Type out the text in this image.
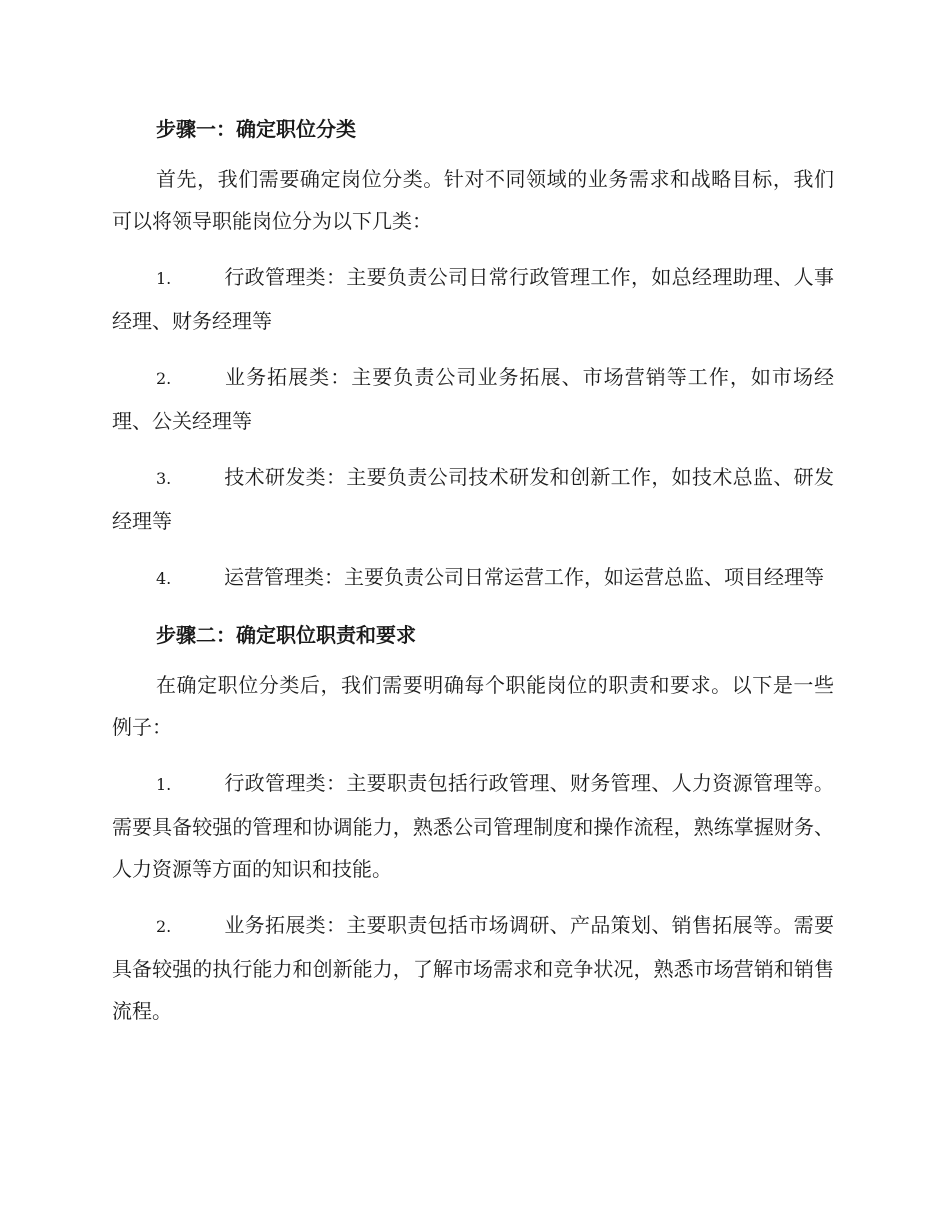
步骤一：确定职位分类

首先，我们需要确定岗位分类。针对不同领域的业务需求和战略目标，我们可以将领导职能岗位分为以下几类：

1.	行政管理类：主要负责公司日常行政管理工作，如总经理助理、人事经理、财务经理等

2.	业务拓展类：主要负责公司业务拓展、市场营销等工作，如市场经理、公关经理等

3.	技术研发类：主要负责公司技术研发和创新工作，如技术总监、研发经理等

4.	运营管理类：主要负责公司日常运营工作，如运营总监、项目经理等

步骤二：确定职位职责和要求

在确定职位分类后，我们需要明确每个职能岗位的职责和要求。以下是一些例子：

1.	行政管理类：主要职责包括行政管理、财务管理、人力资源管理等。需要具备较强的管理和协调能力，熟悉公司管理制度和操作流程，熟练掌握财务、人力资源等方面的知识和技能。

2.	业务拓展类：主要职责包括市场调研、产品策划、销售拓展等。需要具备较强的执行能力和创新能力，了解市场需求和竞争状况，熟悉市场营销和销售流程。
